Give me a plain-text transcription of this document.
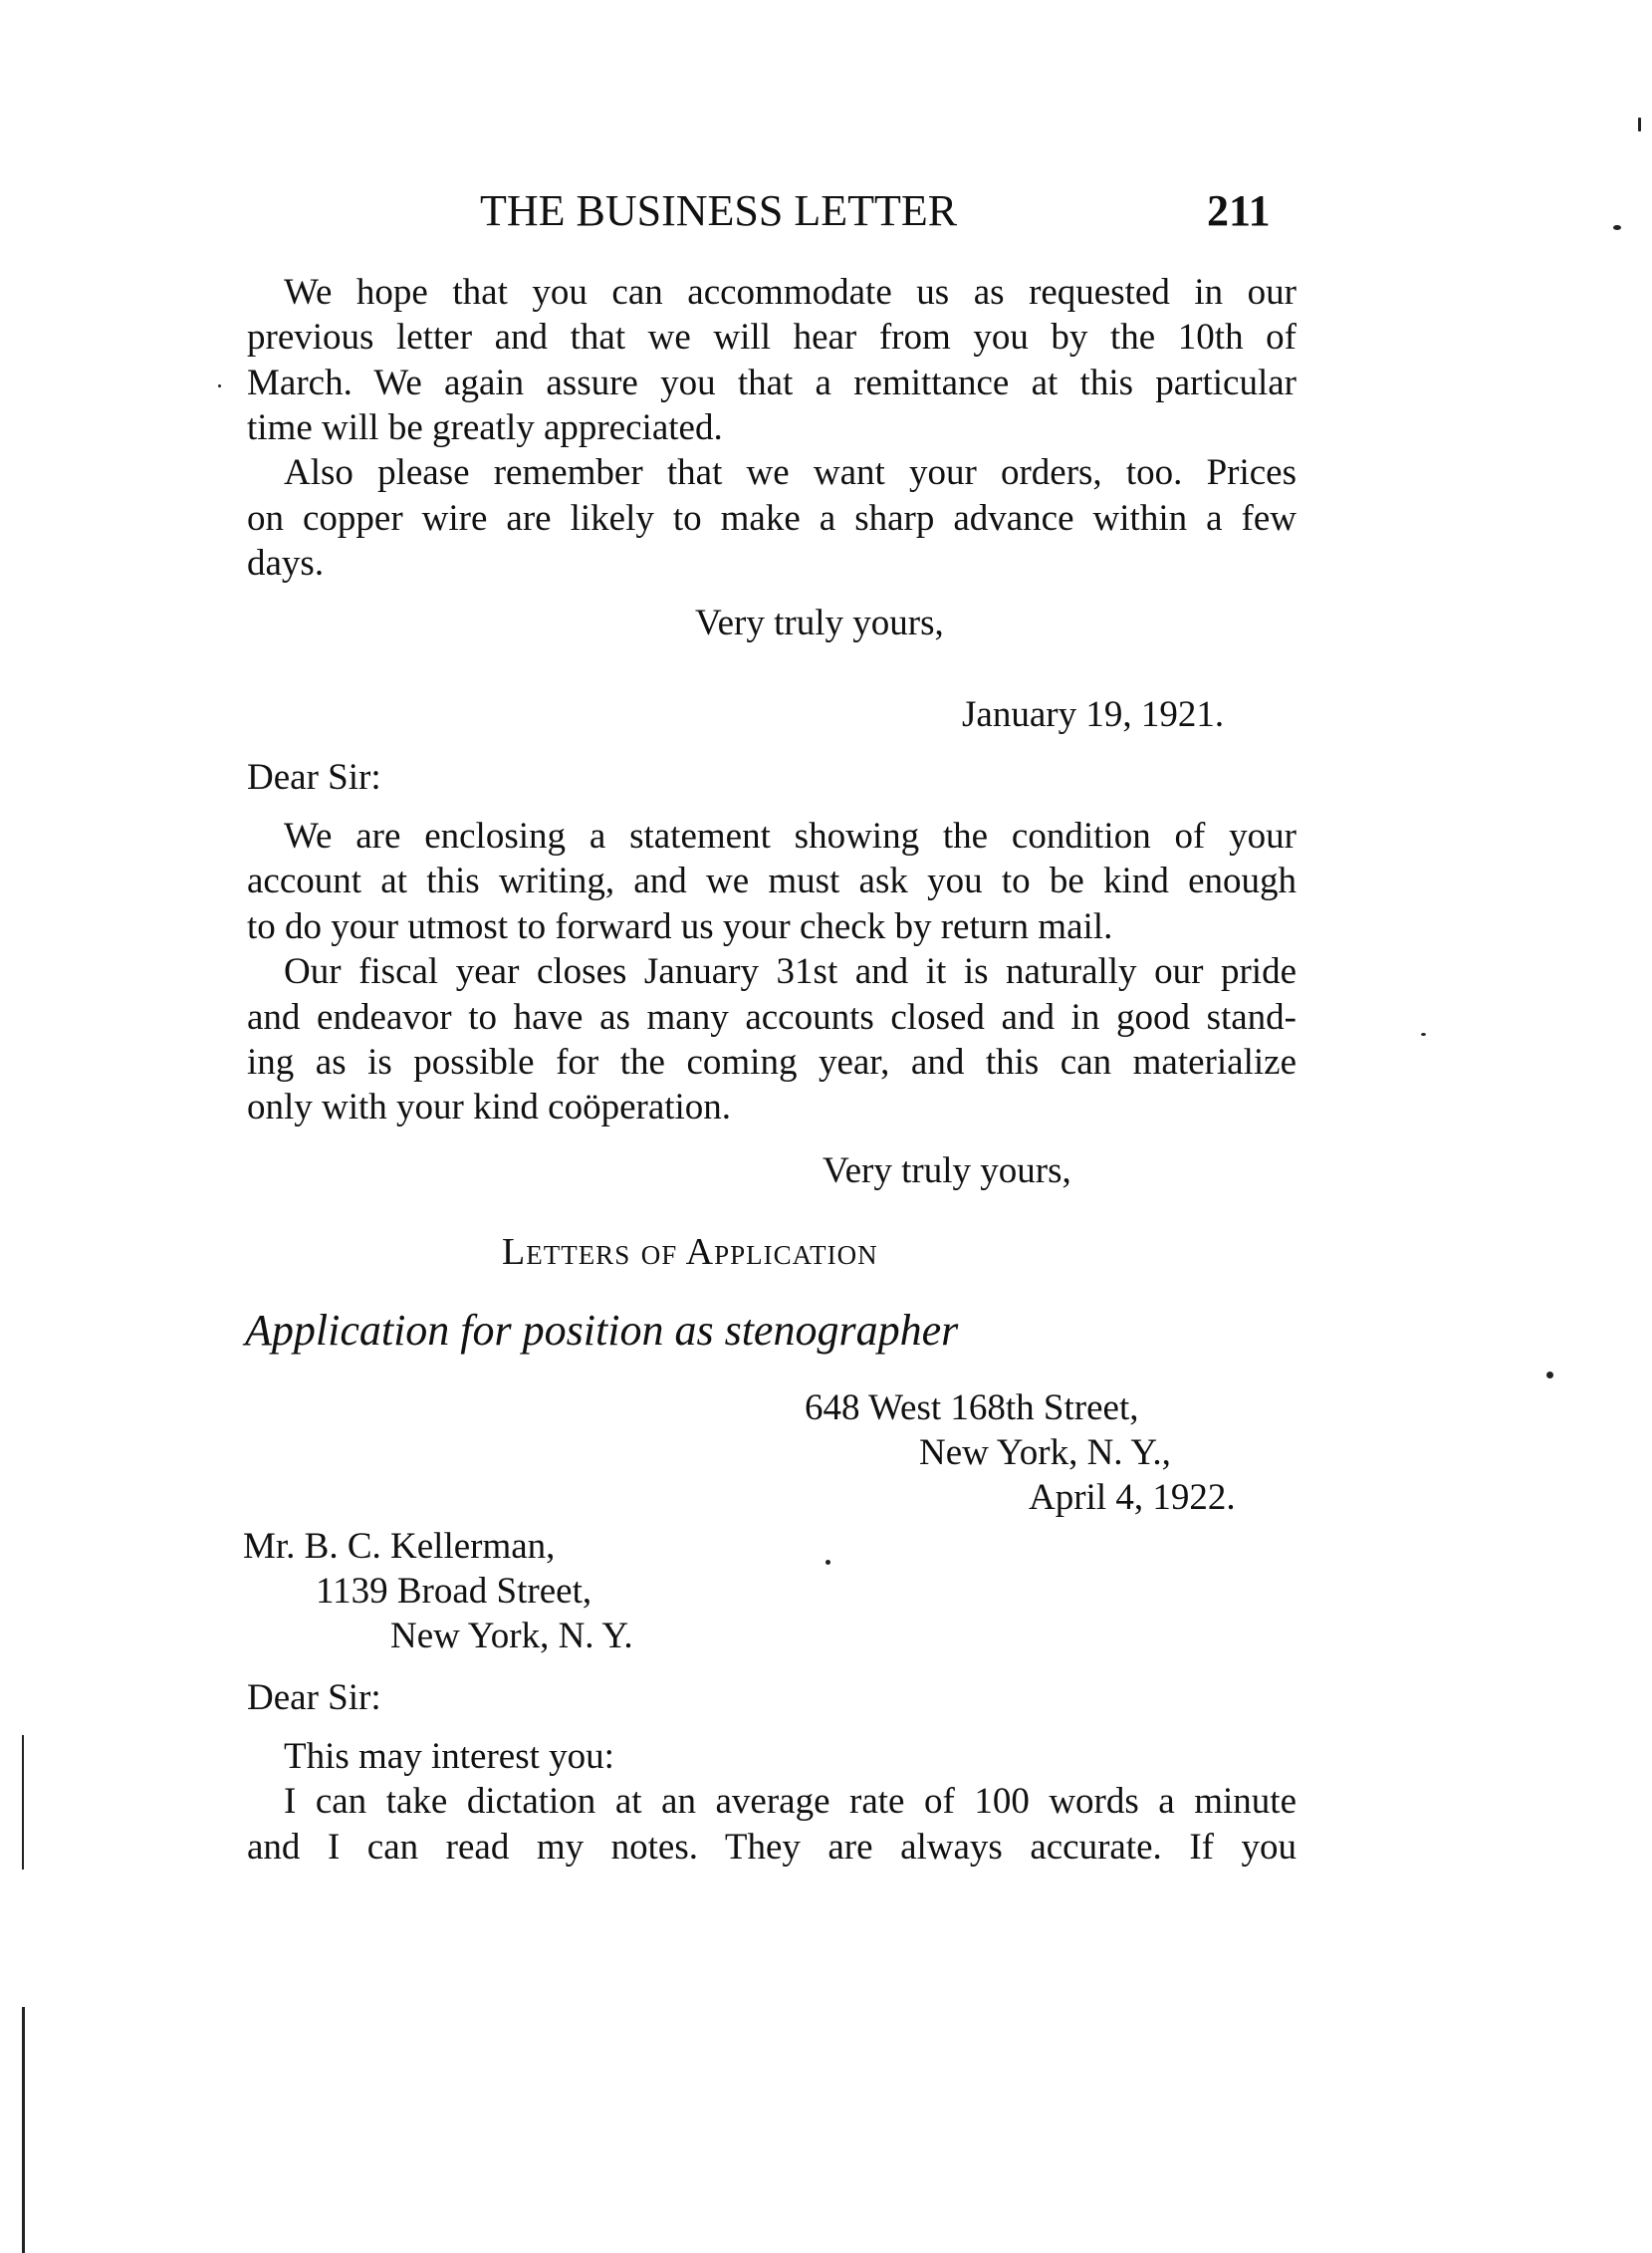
THE BUSINESS LETTER	211
We hope that you can accommodate us as requested in our
previous letter and that we will hear from you by the 10th of
March. We again assure you that a remittance at this particular
time will be greatly appreciated.
Also please remember that we want your orders, too. Prices
on copper wire are likely to make a sharp advance within a few
days.
Very truly yours,
January 19, 1921.
Dear Sir:
We are enclosing a statement showing the condition of your
account at this writing, and we must ask you to be kind enough
to do your utmost to forward us your check by return mail.
Our fiscal year closes January 31st and it is naturally our pride
and endeavor to have as many accounts closed and in good stand-
ing as is possible for the coming year, and this can materialize
only with your kind coöperation.
Very truly yours,
Letters of Application
Application for position as stenographer
648 West 168th Street,
New York, N. Y.,
April 4, 1922.
Mr. B. C. Kellerman,
1139 Broad Street,
New York, N. Y.
Dear Sir:
This may interest you:
I can take dictation at an average rate of 100 words a minute
and I can read my notes. They are always accurate. If you
